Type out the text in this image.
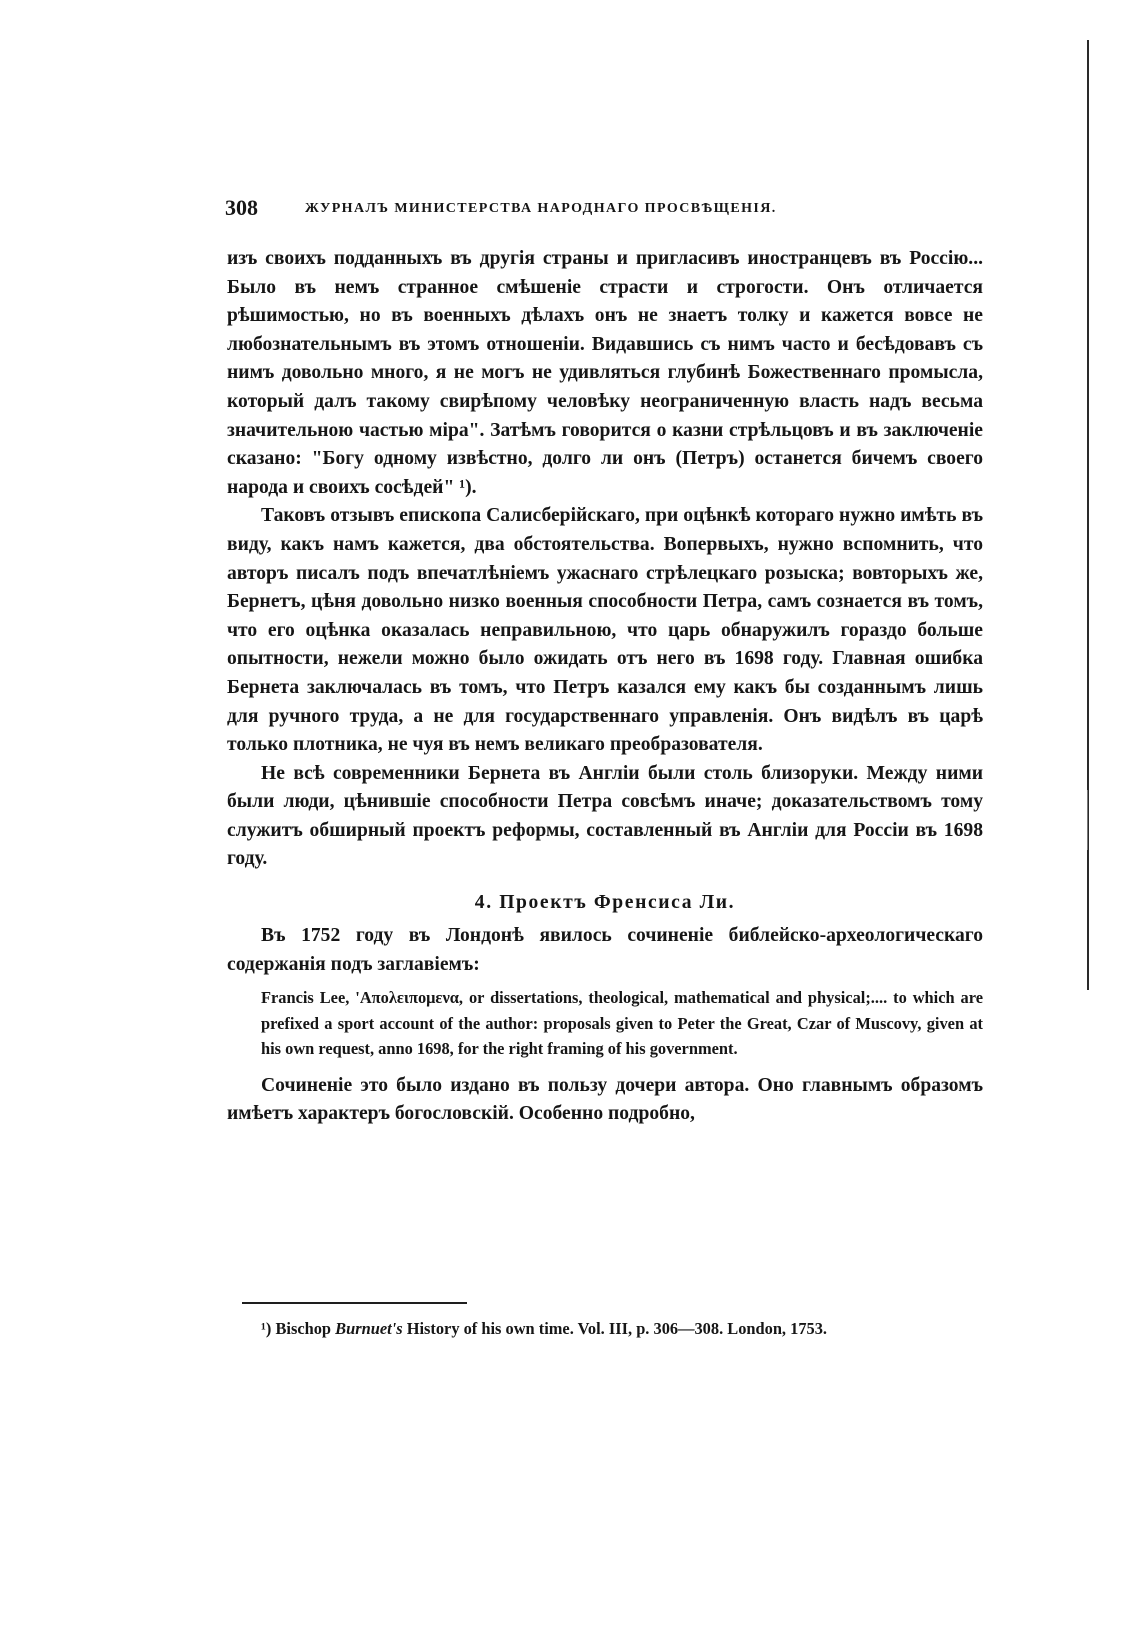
308	ЖУРНАЛЪ МИНИСТЕРСТВА НАРОДНАГО ПРОСВѢЩЕНІЯ.

изъ своихъ подданныхъ въ другія страны и пригласивъ иностранцевъ въ Россію... Было въ немъ странное смѣшеніе страсти и строгости. Онъ отличается рѣшимостью, но въ военныхъ дѣлахъ онъ не знаетъ толку и кажется вовсе не любознательнымъ въ этомъ отношеніи. Видавшись съ нимъ часто и бесѣдовавъ съ нимъ довольно много, я не могъ не удивляться глубинѣ Божественнаго промысла, который далъ такому свирѣпому человѣку неограниченную власть надъ весьма значительною частью міра". Затѣмъ говорится о казни стрѣльцовъ и въ заключеніе сказано: "Богу одному извѣстно, долго ли онъ (Петръ) останется бичемъ своего народа и своихъ сосѣдей" ¹).

Таковъ отзывъ епископа Салисберійскаго, при оцѣнкѣ котораго нужно имѣть въ виду, какъ намъ кажется, два обстоятельства. Вопервыхъ, нужно вспомнить, что авторъ писалъ подъ впечатлѣніемъ ужаснаго стрѣлецкаго розыска; вовторыхъ же, Бернетъ, цѣня довольно низко военныя способности Петра, самъ сознается въ томъ, что его оцѣнка оказалась неправильною, что царь обнаружилъ гораздо больше опытности, нежели можно было ожидать отъ него въ 1698 году. Главная ошибка Бернета заключалась въ томъ, что Петръ казался ему какъ бы созданнымъ лишь для ручного труда, а не для государственнаго управленія. Онъ видѣлъ въ царѣ только плотника, не чуя въ немъ великаго преобразователя.

Не всѣ современники Бернета въ Англіи были столь близоруки. Между ними были люди, цѣнившіе способности Петра совсѣмъ иначе; доказательствомъ тому служитъ обширный проектъ реформы, составленный въ Англіи для Россіи въ 1698 году.

4. Проектъ Френсиса Ли.

Въ 1752 году въ Лондонѣ явилось сочиненіе библейско-археологическаго содержанія подъ заглавіемъ:

Francis Lee, 'Απολειπομενα, or dissertations, theological, mathematical and physical;.... to which are prefixed a sport account of the author: proposals given to Peter the Great, Czar of Muscovy, given at his own request, anno 1698, for the right framing of his government.

Сочиненіе это было издано въ пользу дочери автора. Оно главнымъ образомъ имѣетъ характеръ богословскій. Особенно подробно,

¹) Bischop Burnuet's History of his own time. Vol. III, p. 306—308. London, 1753.
